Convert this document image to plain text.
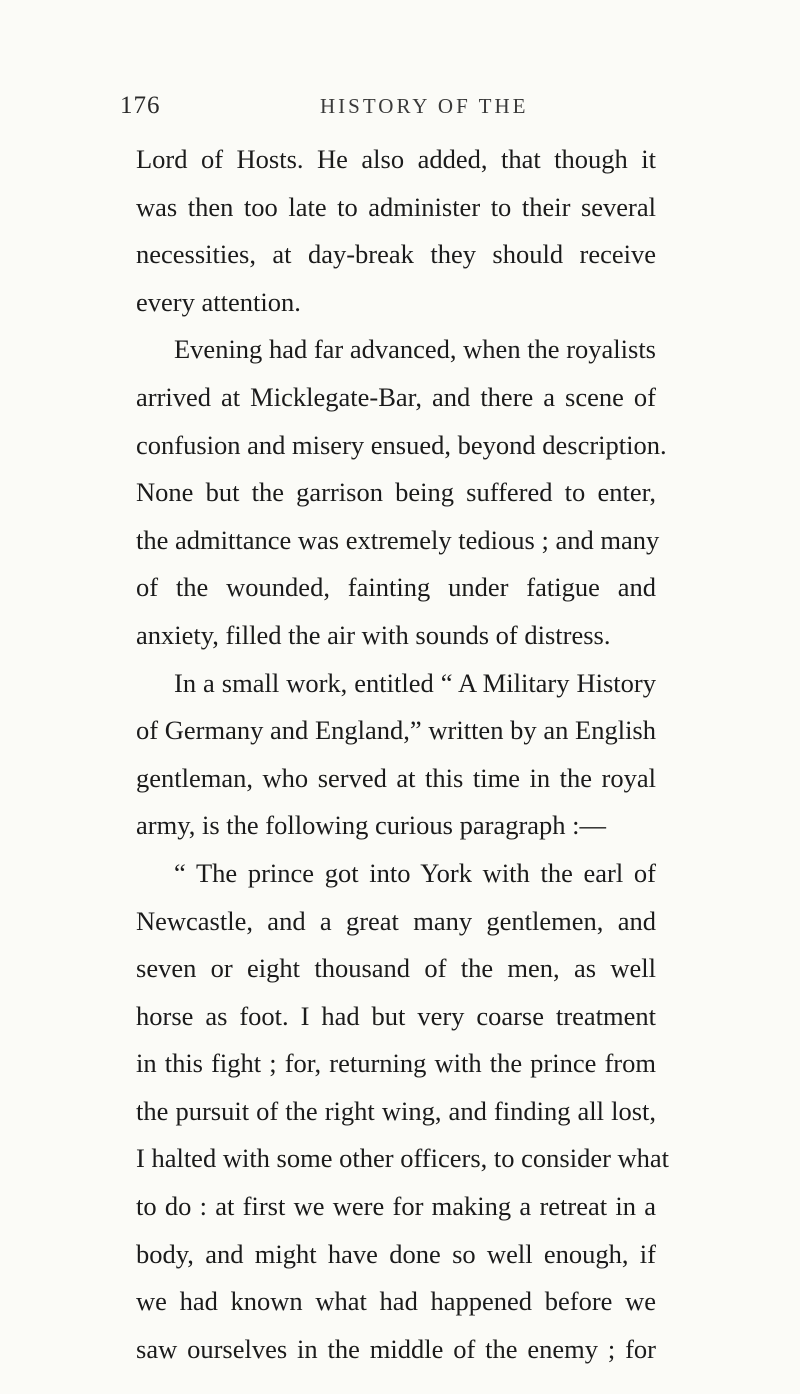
176	HISTORY OF THE
Lord of Hosts. He also added, that though it
was then too late to administer to their several
necessities, at day-break they should receive
every attention.
Evening had far advanced, when the royalists
arrived at Micklegate-Bar, and there a scene of
confusion and misery ensued, beyond description.
None but the garrison being suffered to enter,
the admittance was extremely tedious ; and many
of the wounded, fainting under fatigue and
anxiety, filled the air with sounds of distress.
In a small work, entitled “ A Military History
of Germany and England,” written by an English
gentleman, who served at this time in the royal
army, is the following curious paragraph :—
“ The prince got into York with the earl of
Newcastle, and a great many gentlemen, and
seven or eight thousand of the men, as well
horse as foot. I had but very coarse treatment
in this fight ; for, returning with the prince from
the pursuit of the right wing, and finding all lost,
I halted with some other officers, to consider what
to do : at first we were for making a retreat in a
body, and might have done so well enough, if
we had known what had happened before we
saw ourselves in the middle of the enemy ; for
